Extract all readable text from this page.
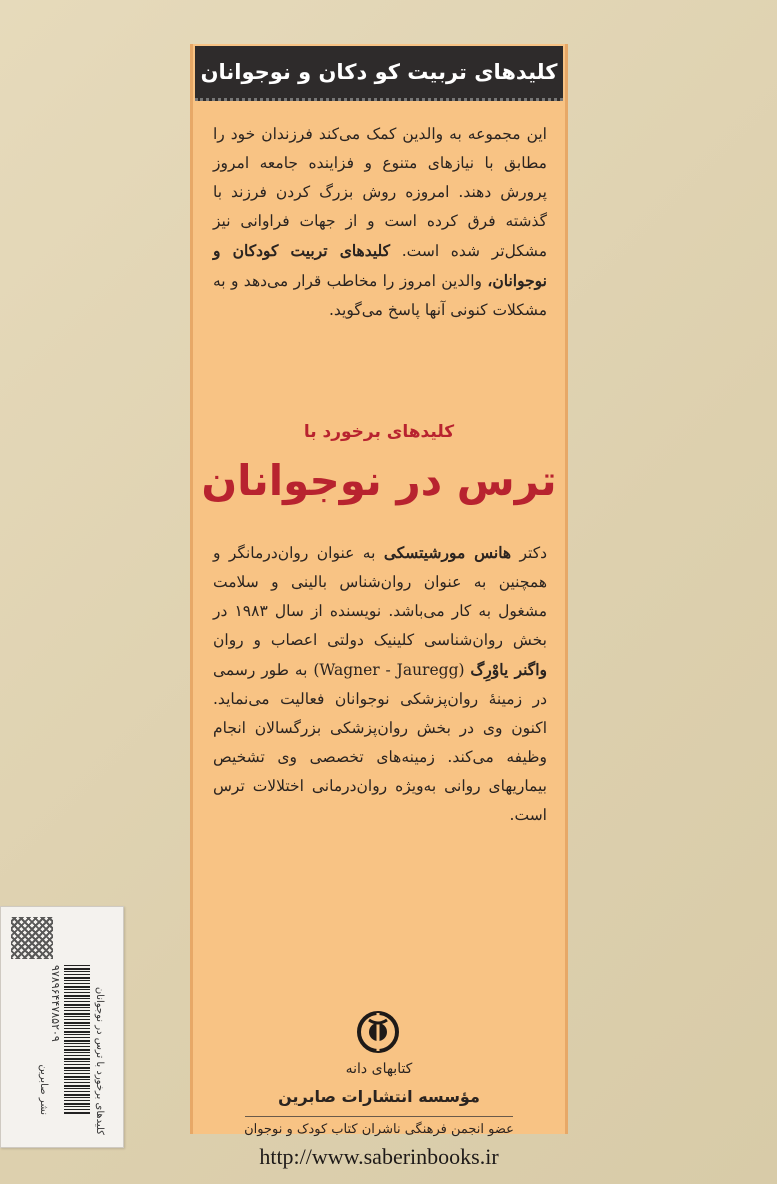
کلیدهای تربیت کو دکان و نوجوانان
این مجموعه به والدین کمک می‌کند فرزندان خود را مطابق با نیازهای متنوع و فزاینده جامعه امروز پرورش دهند. امروزه روش بزرگ کردن فرزند با گذشته فرق کرده است و از جهات فراوانی نیز مشکل‌تر شده است. کلیدهای تربیت کودکان و نوجوانان، والدین امروز را مخاطب قرار می‌دهد و به مشکلات کنونی آنها پاسخ می‌گوید.
کلیدهای برخورد با
ترس در نوجوانان
دکتر هانس مورشیتسکی به عنوان روان‌درمانگر و همچنین به عنوان روان‌شناس بالینی و سلامت مشغول به کار می‌باشد. نویسنده از سال ۱۹۸۳ در بخش روان‌شناسی کلینیک دولتی اعصاب و روان واگنر یاوْرِگ (Wagner - Jauregg) به طور رسمی در زمینهٔ روان‌پزشکی نوجوانان فعالیت می‌نماید. اکنون وی در بخش روان‌پزشکی بزرگسالان انجام وظیفه می‌کند. زمینه‌های تخصصی وی تشخیص بیماریهای روانی به‌ویژه روان‌درمانی اختلالات ترس است.
کتابهای دانه
مؤسسه انتشارات صابرین
عضو انجمن فرهنگی ناشران کتاب کودک و نوجوان
http://www.saberinbooks.ir
کلیدهای برخورد با ترس در نوجوانان
۹۷۸۹۶۴۴۷۸۵۲۰۹
نشر صابرین
